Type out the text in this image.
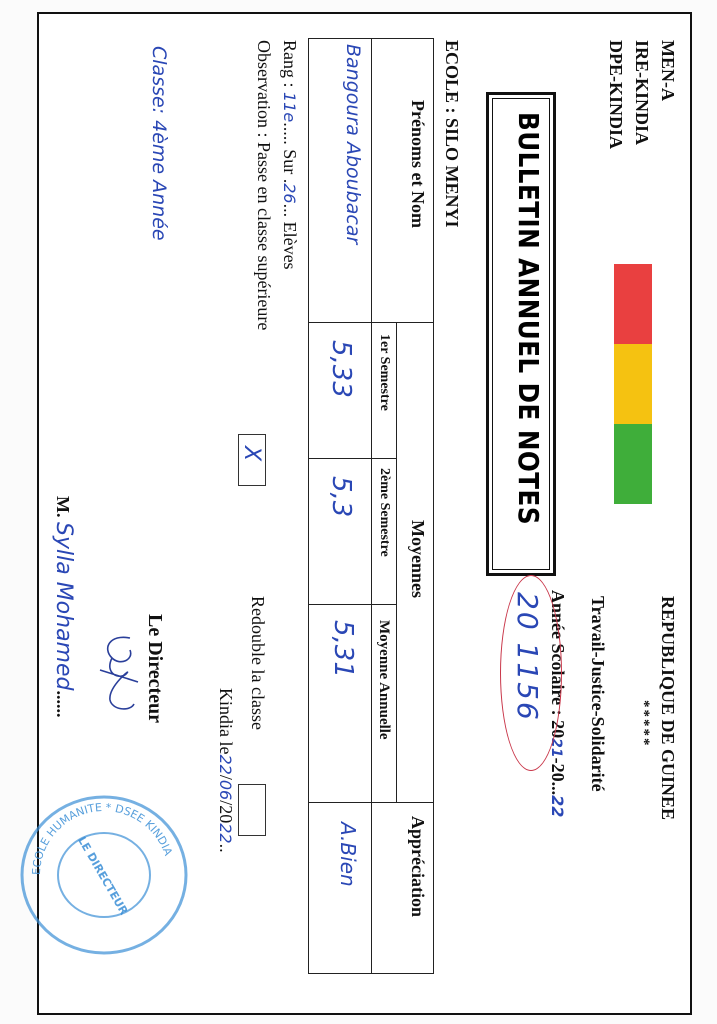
MEN-A
IRE-KINDIA
DPE-KINDIA
REPUBLIQUE DE GUINEE
*****
Travail-Justice-Solidarité
BULLETIN ANNUEL DE NOTES
Année Scolaire : 2021-20...22
20 1156
ECOLE : SILO MENYI
Prénoms et Nom
Moyennes
1er Semestre
2ème Semestre
Moyenne Annuelle
Appréciation
Bangoura Aboubacar
5,33
5,3
5,31
A.Bien
Rang : 11e..... Sur .26... Elèves
Observation : Passe en classe supérieure
X
Redouble la classe
Kindia le22/06/2022..
Classe: 4ème Année
Le Directeur
M. Sylla Mohamed......
ECOLE HUMANITE * DSEE KINDIA
LE DIRECTEUR
